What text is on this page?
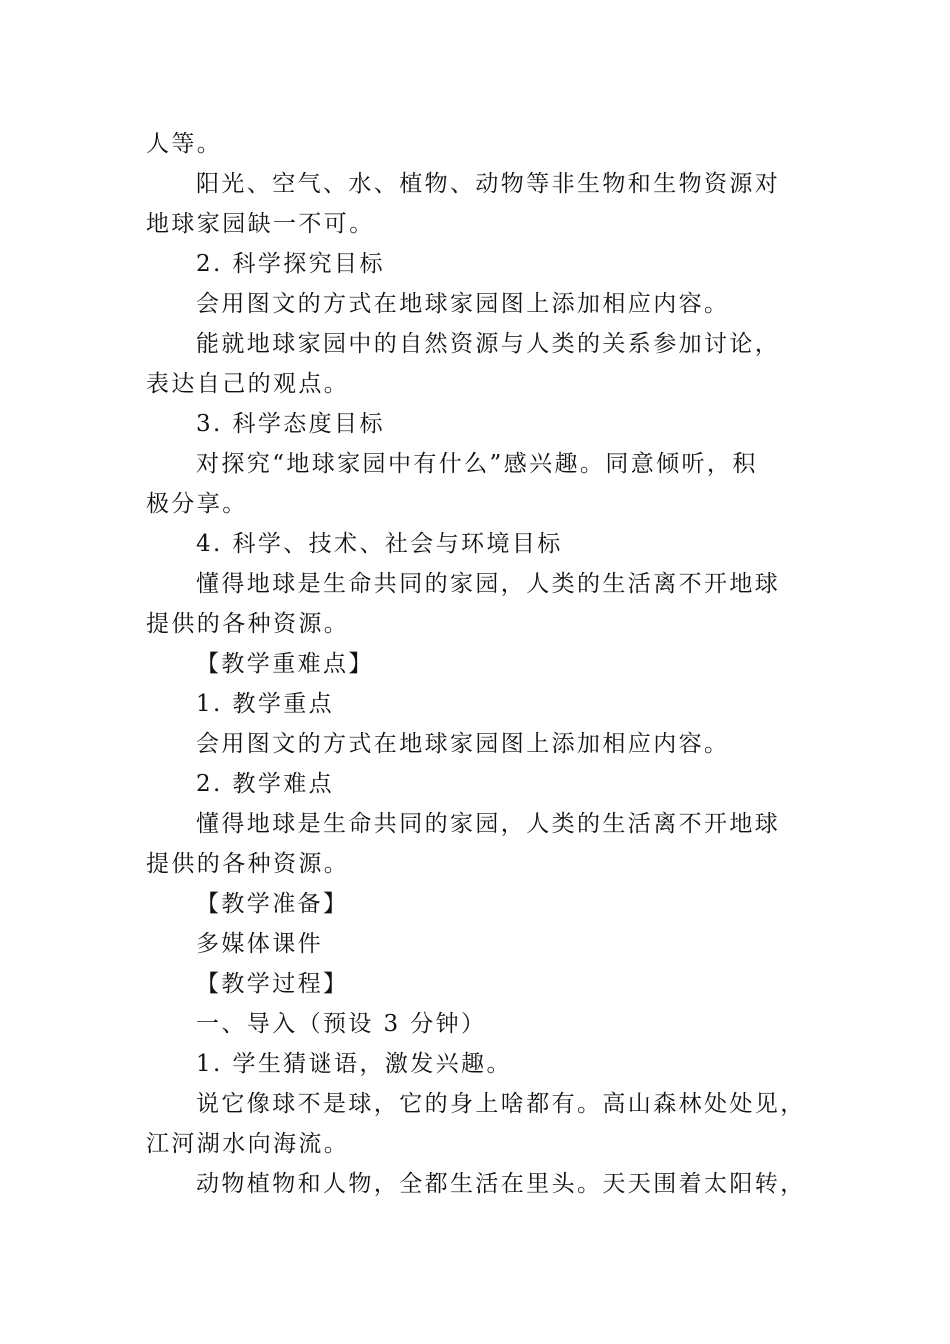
人等。
阳光、空气、水、植物、动物等非生物和生物资源对
地球家园缺一不可。
2. 科学探究目标
会用图文的方式在地球家园图上添加相应内容。
能就地球家园中的自然资源与人类的关系参加讨论，
表达自己的观点。
3. 科学态度目标
对探究“地球家园中有什么”感兴趣。同意倾听，积
极分享。
4. 科学、技术、社会与环境目标
懂得地球是生命共同的家园，人类的生活离不开地球
提供的各种资源。
【教学重难点】
1. 教学重点
会用图文的方式在地球家园图上添加相应内容。
2. 教学难点
懂得地球是生命共同的家园，人类的生活离不开地球
提供的各种资源。
【教学准备】
多媒体课件
【教学过程】
一、导入（预设 3 分钟）
1. 学生猜谜语，激发兴趣。
说它像球不是球，它的身上啥都有。高山森林处处见，
江河湖水向海流。
动物植物和人物，全都生活在里头。天天围着太阳转，
